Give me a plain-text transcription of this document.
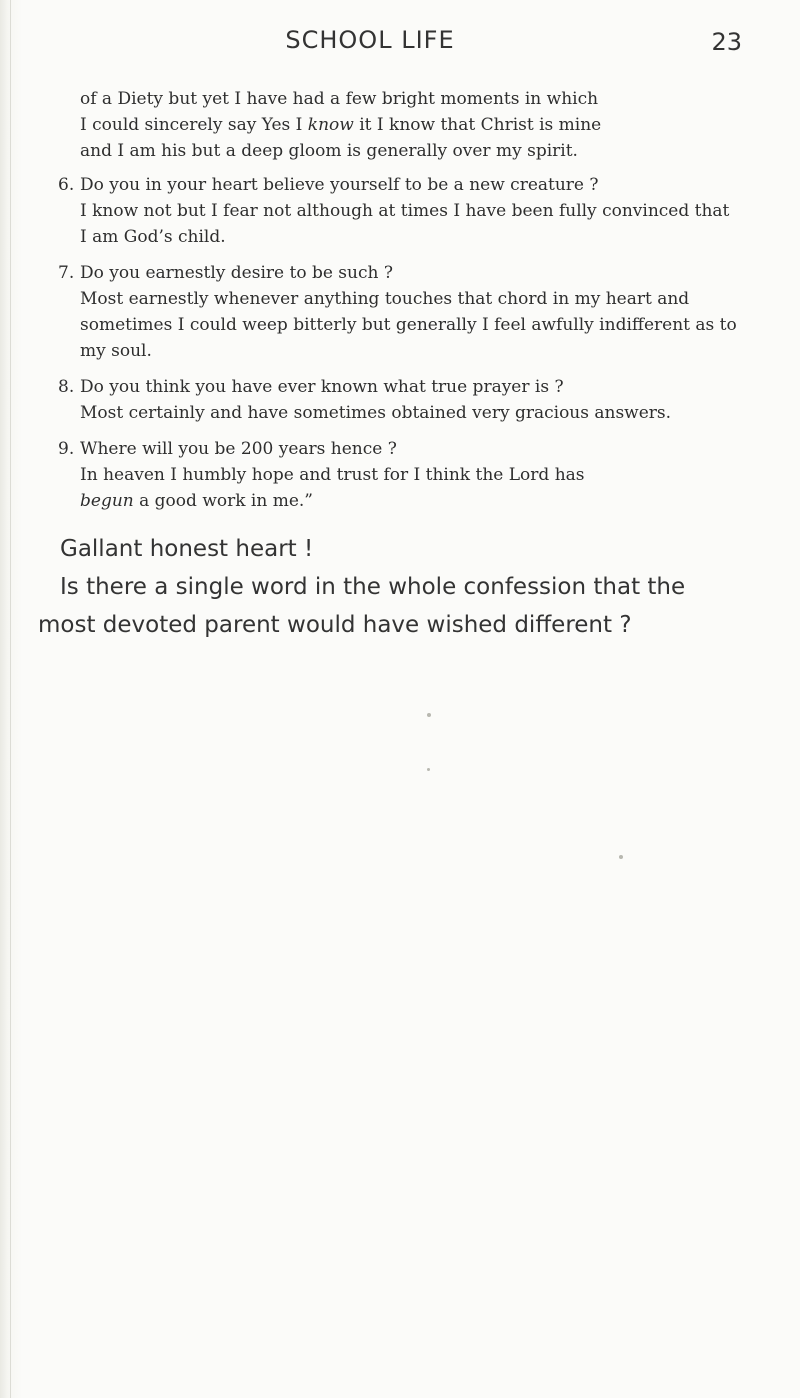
SCHOOL LIFE	23
of a Diety but yet I have had a few bright moments in which
I could sincerely say Yes I know it I know that Christ is mine
and I am his but a deep gloom is generally over my spirit.
6. Do you in your heart believe yourself to be a new creature ?
I know not but I fear not although at times I have been fully convinced that I am God’s child.
7. Do you earnestly desire to be such ?
Most earnestly whenever anything touches that chord in my heart and sometimes I could weep bitterly but generally I feel awfully indifferent as to my soul.
8. Do you think you have ever known what true prayer is ?
Most certainly and have sometimes obtained very gracious answers.
9. Where will you be 200 years hence ?
In heaven I humbly hope and trust for I think the Lord has
begun a good work in me.”
Gallant honest heart !
Is there a single word in the whole confession that the
most devoted parent would have wished different ?
